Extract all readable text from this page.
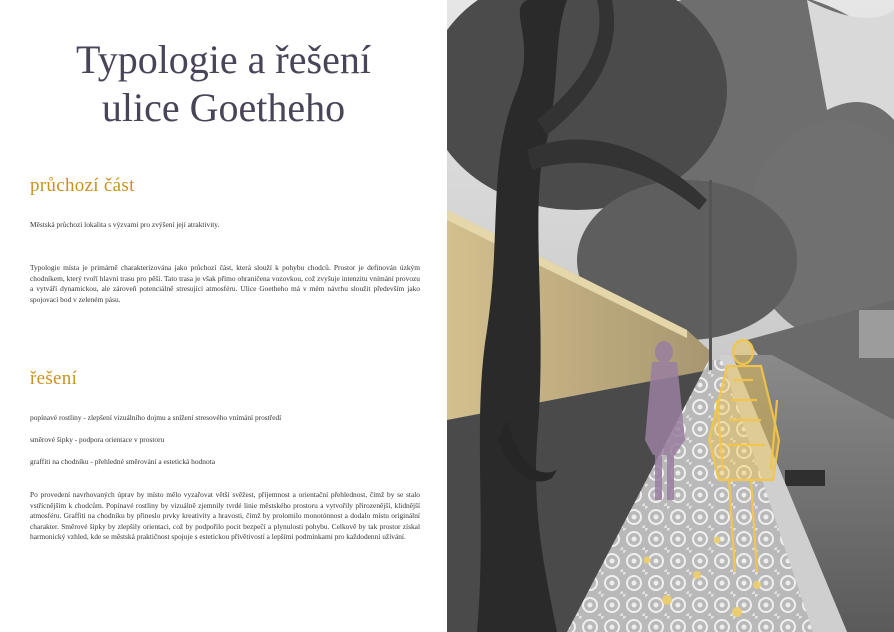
Typologie a řešení
ulice Goetheho
průchozí část

Městská průchozí lokalita s výzvami pro zvýšení její atraktivity.

Typologie místa je primárně charakterizována jako průchozí část, která slouží k pohybu chodců. Prostor je definován úzkým chodníkem, který tvoří hlavní trasu pro pěší. Tato trasa je však přímo ohraničena vozovkou, což zvyšuje intenzitu vnímání provozu a vytváří dynamickou, ale zároveň potenciálně stresující atmosféru. Ulice Goetheho má v mém návrhu sloužit především jako spojovací bod v zeleném pásu.

řešení

popínavé rostliny - zlepšení vizuálního dojmu a snížení stresového vnímání prostředí

směrové šipky - podpora orientace v prostoru

graffiti na chodníku - přehledné směrování a estetická hodnota

Po provedení navrhovaných úprav by místo mělo vyzařovat větší svěžest, příjemnost a orientační přehlednost, čímž by se stalo vstřícnějším k chodcům. Popínavé rostliny by vizuálně zjemnily tvrdé linie městského prostoru a vytvořily přirozenější, klidnější atmosféru. Graffiti na chodníku by přineslo prvky kreativity a hravosti, čímž by prolomilo monotónnost a dodalo místu originální charakter. Směrové šipky by zlepšily orientaci, což by podpořilo pocit bezpečí a plynulosti pohybu. Celkově by tak prostor získal harmonický vzhled, kde se městská praktičnost spojuje s estetickou přívětivostí a lepšími podmínkami pro každodenní užívání.
